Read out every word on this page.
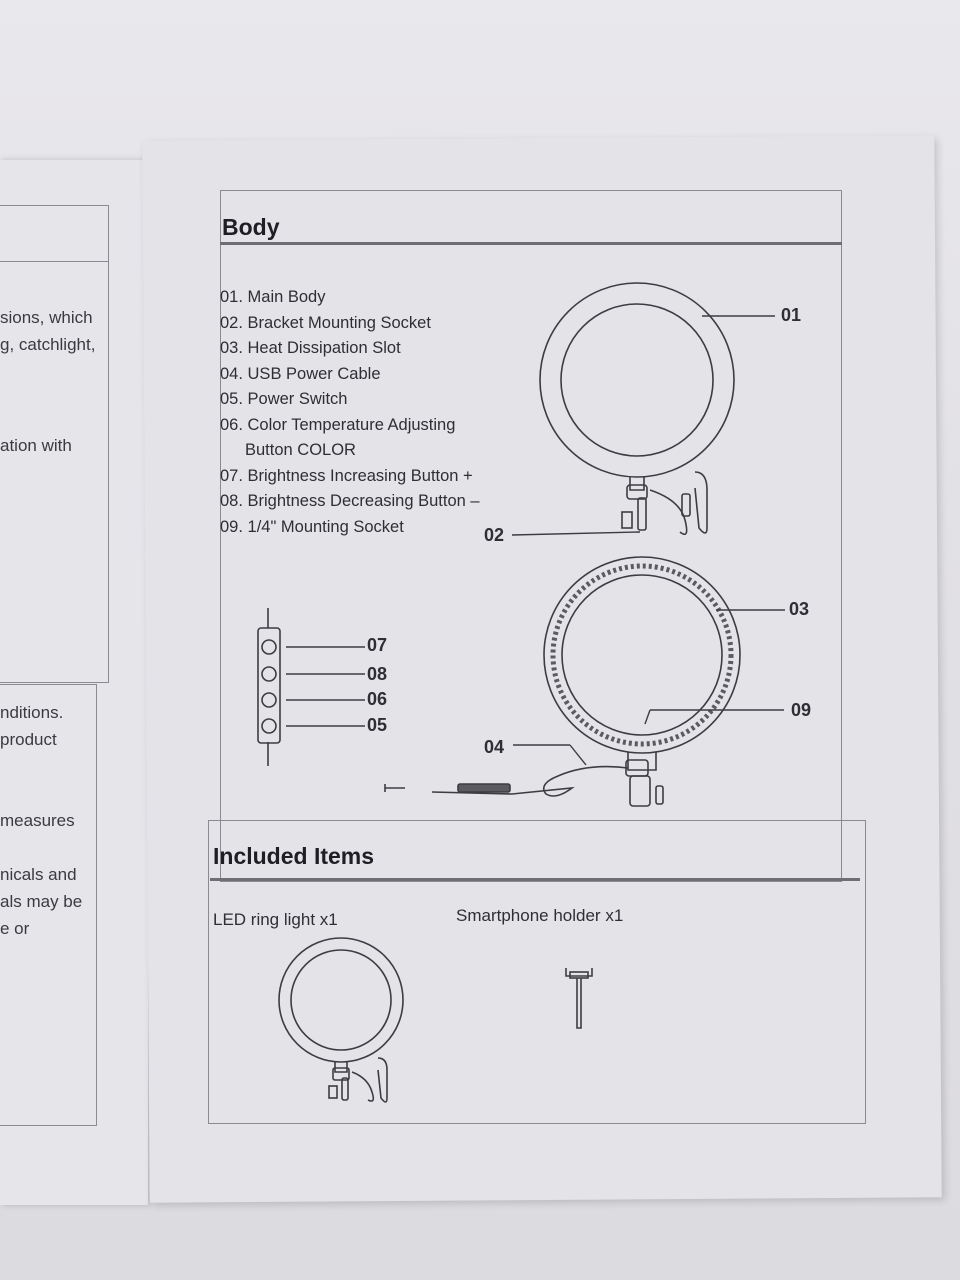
sions, which
g, catchlight,
ation with
nditions.
product
measures
nicals and
als may be
e or
Body
01. Main Body
02. Bracket Mounting Socket
03. Heat Dissipation Slot
04. USB Power Cable
05. Power Switch
06. Color Temperature Adjusting
Button COLOR
07. Brightness Increasing Button +
08. Brightness Decreasing Button –
09. 1/4" Mounting Socket
01
02
03
04
05
06
07
08
09
Included Items
LED ring light x1	Smartphone holder x1
